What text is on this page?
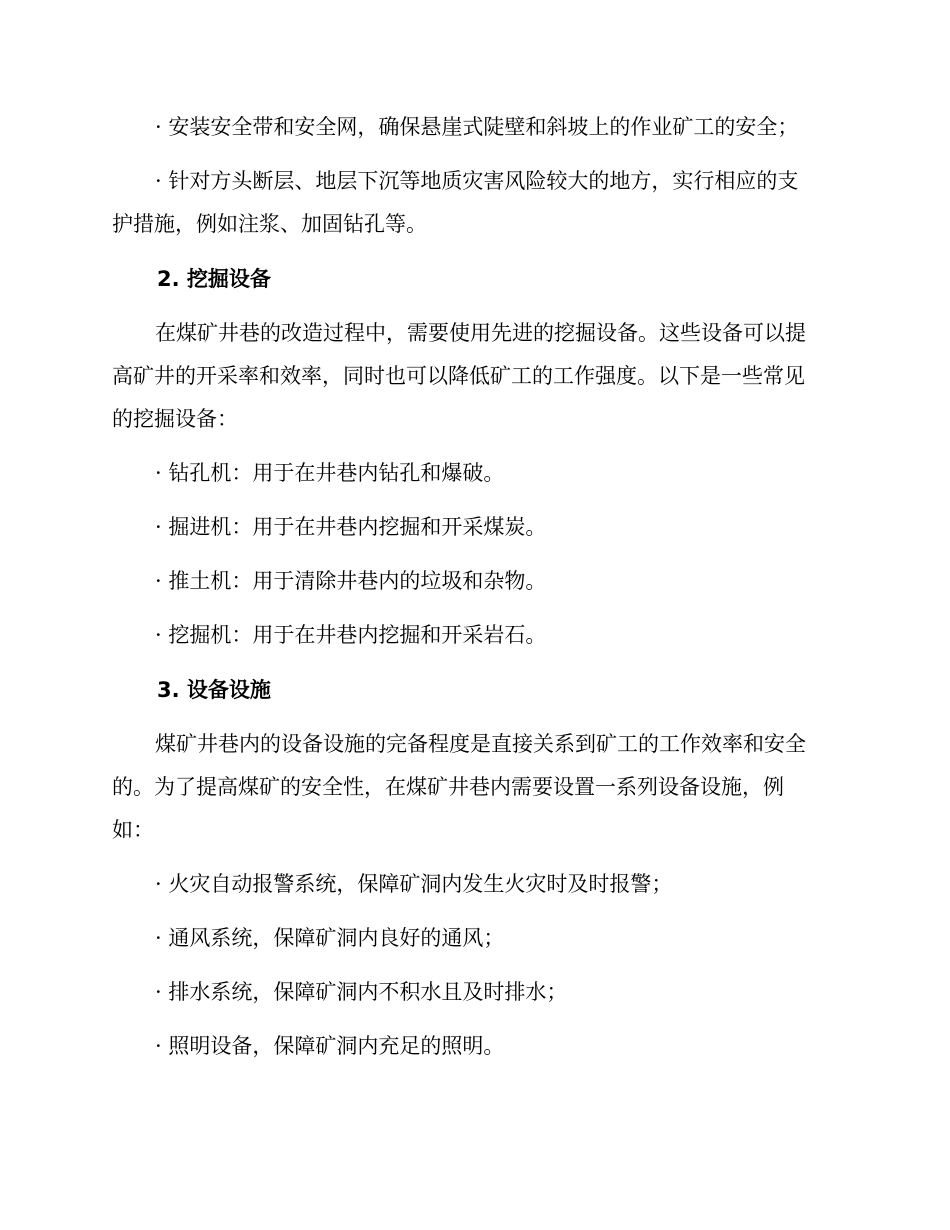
· 安装安全带和安全网，确保悬崖式陡壁和斜坡上的作业矿工的安全；
· 针对方头断层、地层下沉等地质灾害风险较大的地方，实行相应的支
护措施，例如注浆、加固钻孔等。
2. 挖掘设备
在煤矿井巷的改造过程中，需要使用先进的挖掘设备。这些设备可以提
高矿井的开采率和效率，同时也可以降低矿工的工作强度。以下是一些常见
的挖掘设备：
· 钻孔机：用于在井巷内钻孔和爆破。
· 掘进机：用于在井巷内挖掘和开采煤炭。
· 推土机：用于清除井巷内的垃圾和杂物。
· 挖掘机：用于在井巷内挖掘和开采岩石。
3. 设备设施
煤矿井巷内的设备设施的完备程度是直接关系到矿工的工作效率和安全
的。为了提高煤矿的安全性，在煤矿井巷内需要设置一系列设备设施，例
如：
· 火灾自动报警系统，保障矿洞内发生火灾时及时报警；
· 通风系统，保障矿洞内良好的通风；
· 排水系统，保障矿洞内不积水且及时排水；
· 照明设备，保障矿洞内充足的照明。
